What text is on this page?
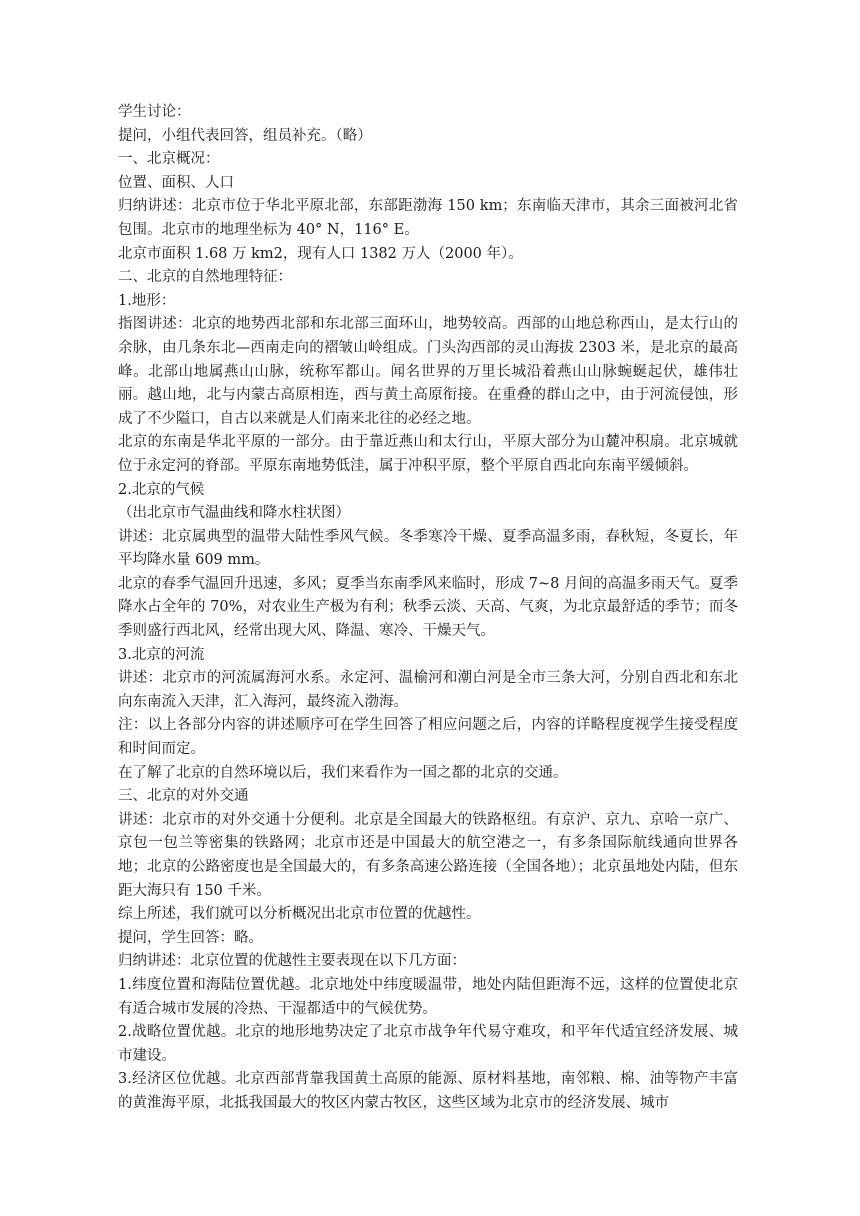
学生讨论：

提问，小组代表回答，组员补充。（略）

一、北京概况：

位置、面积、人口

归纳讲述：北京市位于华北平原北部，东部距渤海 150 km；东南临天津市，其余三面被河北省包围。北京市的地理坐标为 40° N，116° E。

北京市面积 1.68 万 km2，现有人口 1382 万人（2000 年）。

二、北京的自然地理特征：

1.地形：

指图讲述：北京的地势西北部和东北部三面环山，地势较高。西部的山地总称西山，是太行山的余脉，由几条东北—西南走向的褶皱山岭组成。门头沟西部的灵山海拔 2303 米，是北京的最高峰。北部山地属燕山山脉，统称军都山。闻名世界的万里长城沿着燕山山脉蜿蜒起伏，雄伟壮丽。越山地，北与内蒙古高原相连，西与黄土高原衔接。在重叠的群山之中，由于河流侵蚀，形成了不少隘口，自古以来就是人们南来北往的必经之地。

北京的东南是华北平原的一部分。由于靠近燕山和太行山，平原大部分为山麓冲积扇。北京城就位于永定河的脊部。平原东南地势低洼，属于冲积平原，整个平原自西北向东南平缓倾斜。

2.北京的气候

（出北京市气温曲线和降水柱状图）

讲述：北京属典型的温带大陆性季风气候。冬季寒冷干燥、夏季高温多雨，春秋短，冬夏长，年平均降水量 609 mm。

北京的春季气温回升迅速，多风；夏季当东南季风来临时，形成 7~8 月间的高温多雨天气。夏季降水占全年的 70%，对农业生产极为有利；秋季云淡、天高、气爽，为北京最舒适的季节；而冬季则盛行西北风，经常出现大风、降温、寒冷、干燥天气。

3.北京的河流

讲述：北京市的河流属海河水系。永定河、温榆河和潮白河是全市三条大河，分别自西北和东北向东南流入天津，汇入海河，最终流入渤海。

注：以上各部分内容的讲述顺序可在学生回答了相应问题之后，内容的详略程度视学生接受程度和时间而定。

在了解了北京的自然环境以后，我们来看作为一国之都的北京的交通。

三、北京的对外交通

讲述：北京市的对外交通十分便利。北京是全国最大的铁路枢纽。有京沪、京九、京哈一京广、京包一包兰等密集的铁路网；北京市还是中国最大的航空港之一，有多条国际航线通向世界各地；北京的公路密度也是全国最大的，有多条高速公路连接（全国各地）；北京虽地处内陆，但东距大海只有 150 千米。

综上所述，我们就可以分析概况出北京市位置的优越性。

提问，学生回答：略。

归纳讲述：北京位置的优越性主要表现在以下几方面：

1.纬度位置和海陆位置优越。北京地处中纬度暖温带，地处内陆但距海不远，这样的位置使北京有适合城市发展的冷热、干湿都适中的气候优势。

2.战略位置优越。北京的地形地势决定了北京市战争年代易守难攻，和平年代适宜经济发展、城市建设。

3.经济区位优越。北京西部背靠我国黄土高原的能源、原材料基地，南邻粮、棉、油等物产丰富的黄淮海平原，北抵我国最大的牧区内蒙古牧区，这些区域为北京市的经济发展、城市
